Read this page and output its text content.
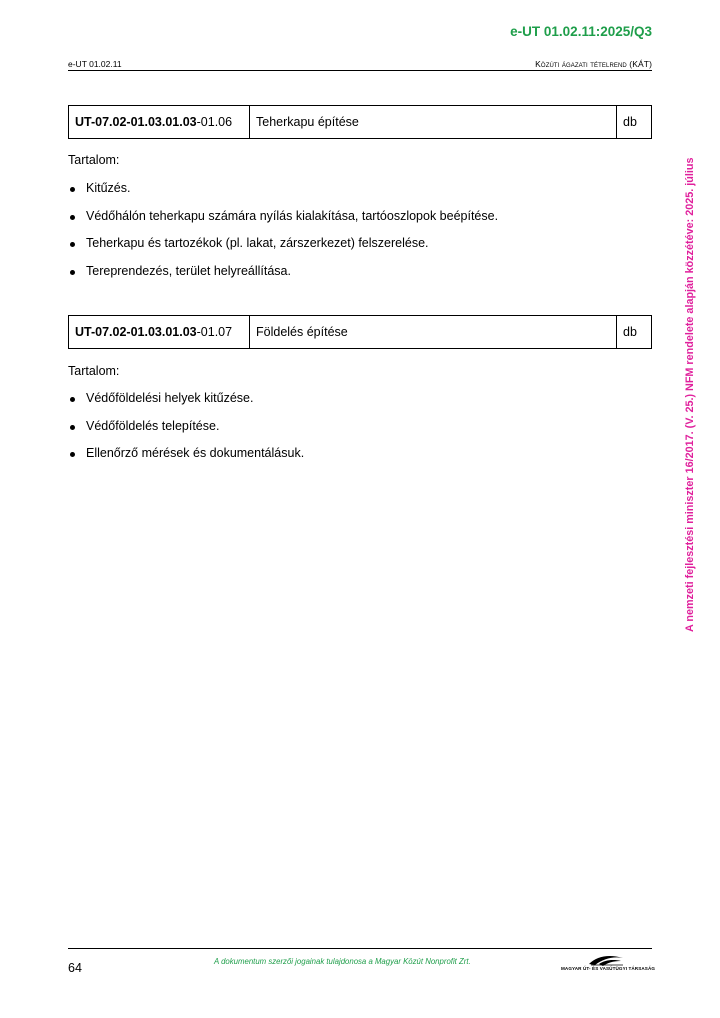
e-UT 01.02.11:2025/Q3
e-UT 01.02.11	Közúti ágazati tételrend (KÁT)
UT-07.02-01.03.01.03-01.06	Teherkapu építése	db
Tartalom:
Kitűzés.
Védőhálón teherkapu számára nyílás kialakítása, tartóoszlopok beépítése.
Teherkapu és tartozékok (pl. lakat, zárszerkezet) felszerelése.
Tereprendezés, terület helyreállítása.
UT-07.02-01.03.01.03-01.07	Földelés építése	db
Tartalom:
Védőföldelési helyek kitűzése.
Védőföldelés telepítése.
Ellenőrző mérések és dokumentálásuk.	A nemzeti fejlesztési miniszter 16/2017. (V. 25.) NFM rendelete alapján közzétéve: 2025. július
64	A dokumentum szerzői jogainak tulajdonosa a Magyar Közút Nonprofit Zrt.
MAGYAR ÚT- ÉS VASÚTÜGYI TÁRSASÁG
